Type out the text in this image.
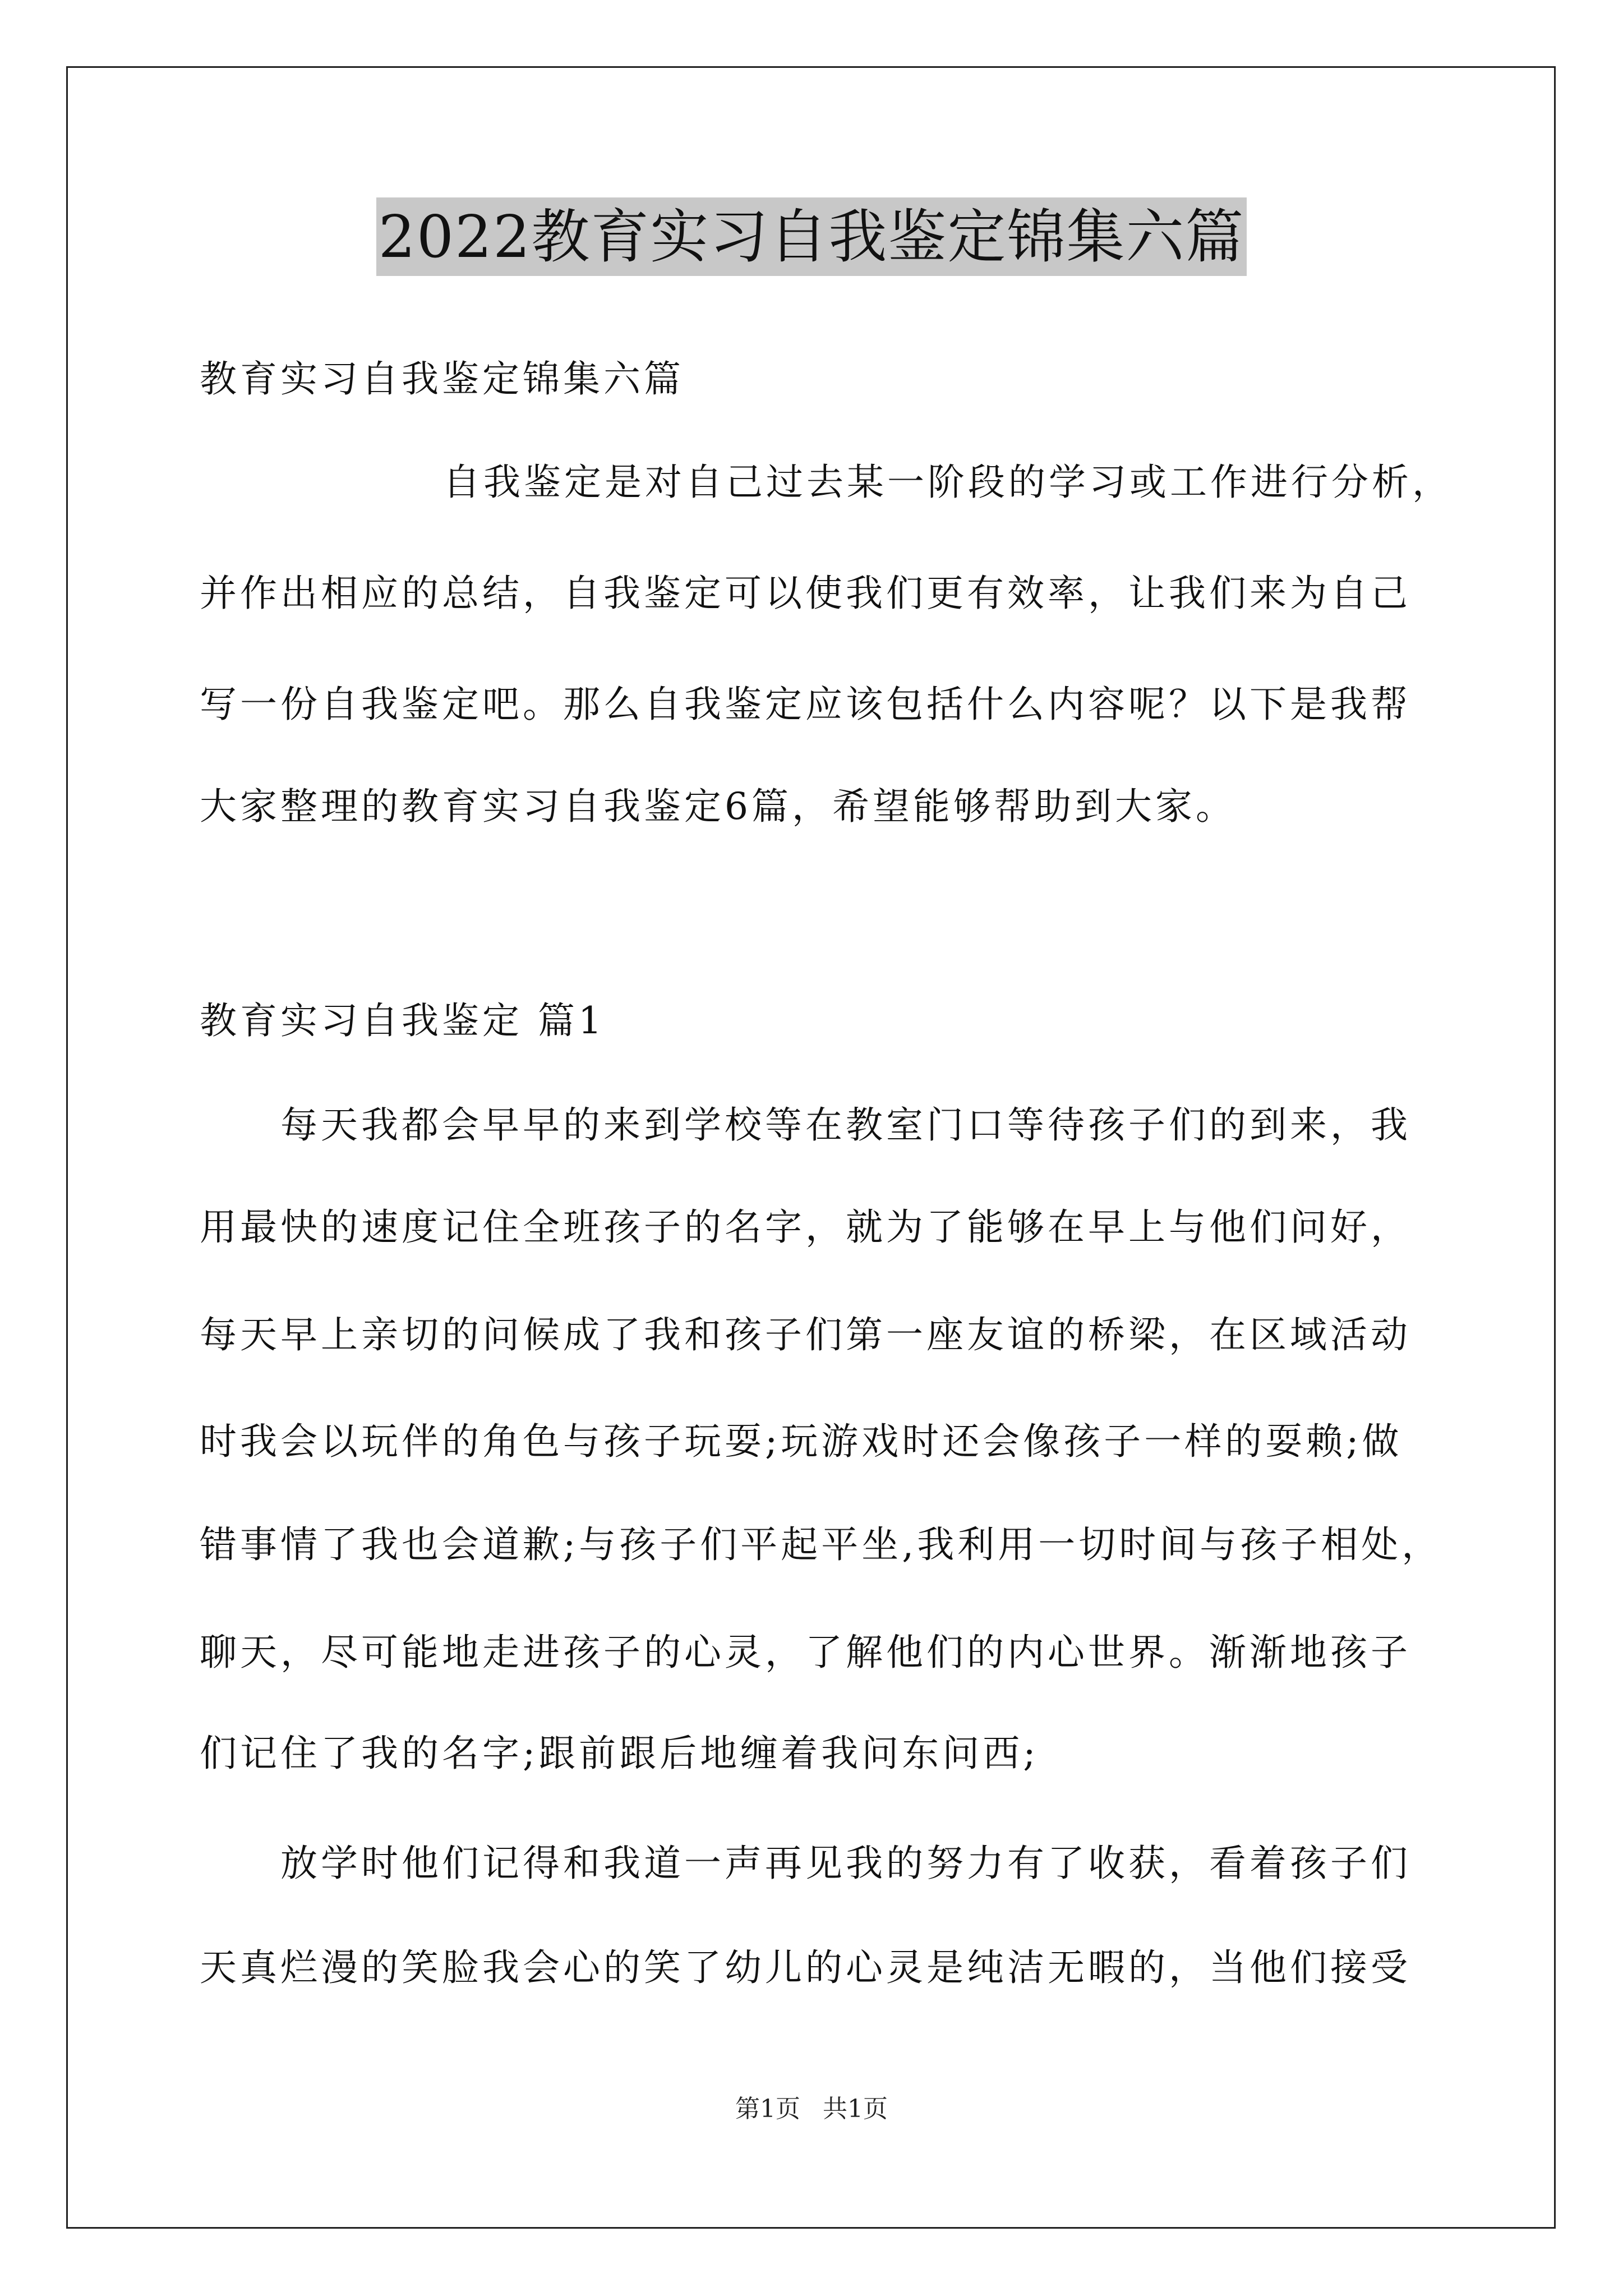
2022教育实习自我鉴定锦集六篇
教育实习自我鉴定锦集六篇
自我鉴定是对自己过去某一阶段的学习或工作进行分析，
并作出相应的总结，自我鉴定可以使我们更有效率，让我们来为自己
写一份自我鉴定吧。那么自我鉴定应该包括什么内容呢？以下是我帮
大家整理的教育实习自我鉴定6篇，希望能够帮助到大家。
教育实习自我鉴定 篇1
每天我都会早早的来到学校等在教室门口等待孩子们的到来，我
用最快的速度记住全班孩子的名字，就为了能够在早上与他们问好，
每天早上亲切的问候成了我和孩子们第一座友谊的桥梁，在区域活动
时我会以玩伴的角色与孩子玩耍;玩游戏时还会像孩子一样的耍赖;做
错事情了我也会道歉;与孩子们平起平坐,我利用一切时间与孩子相处，
聊天，尽可能地走进孩子的心灵，了解他们的内心世界。渐渐地孩子
们记住了我的名字;跟前跟后地缠着我问东问西;
放学时他们记得和我道一声再见我的努力有了收获，看着孩子们
天真烂漫的笑脸我会心的笑了幼儿的心灵是纯洁无暇的，当他们接受
第1页 共1页
